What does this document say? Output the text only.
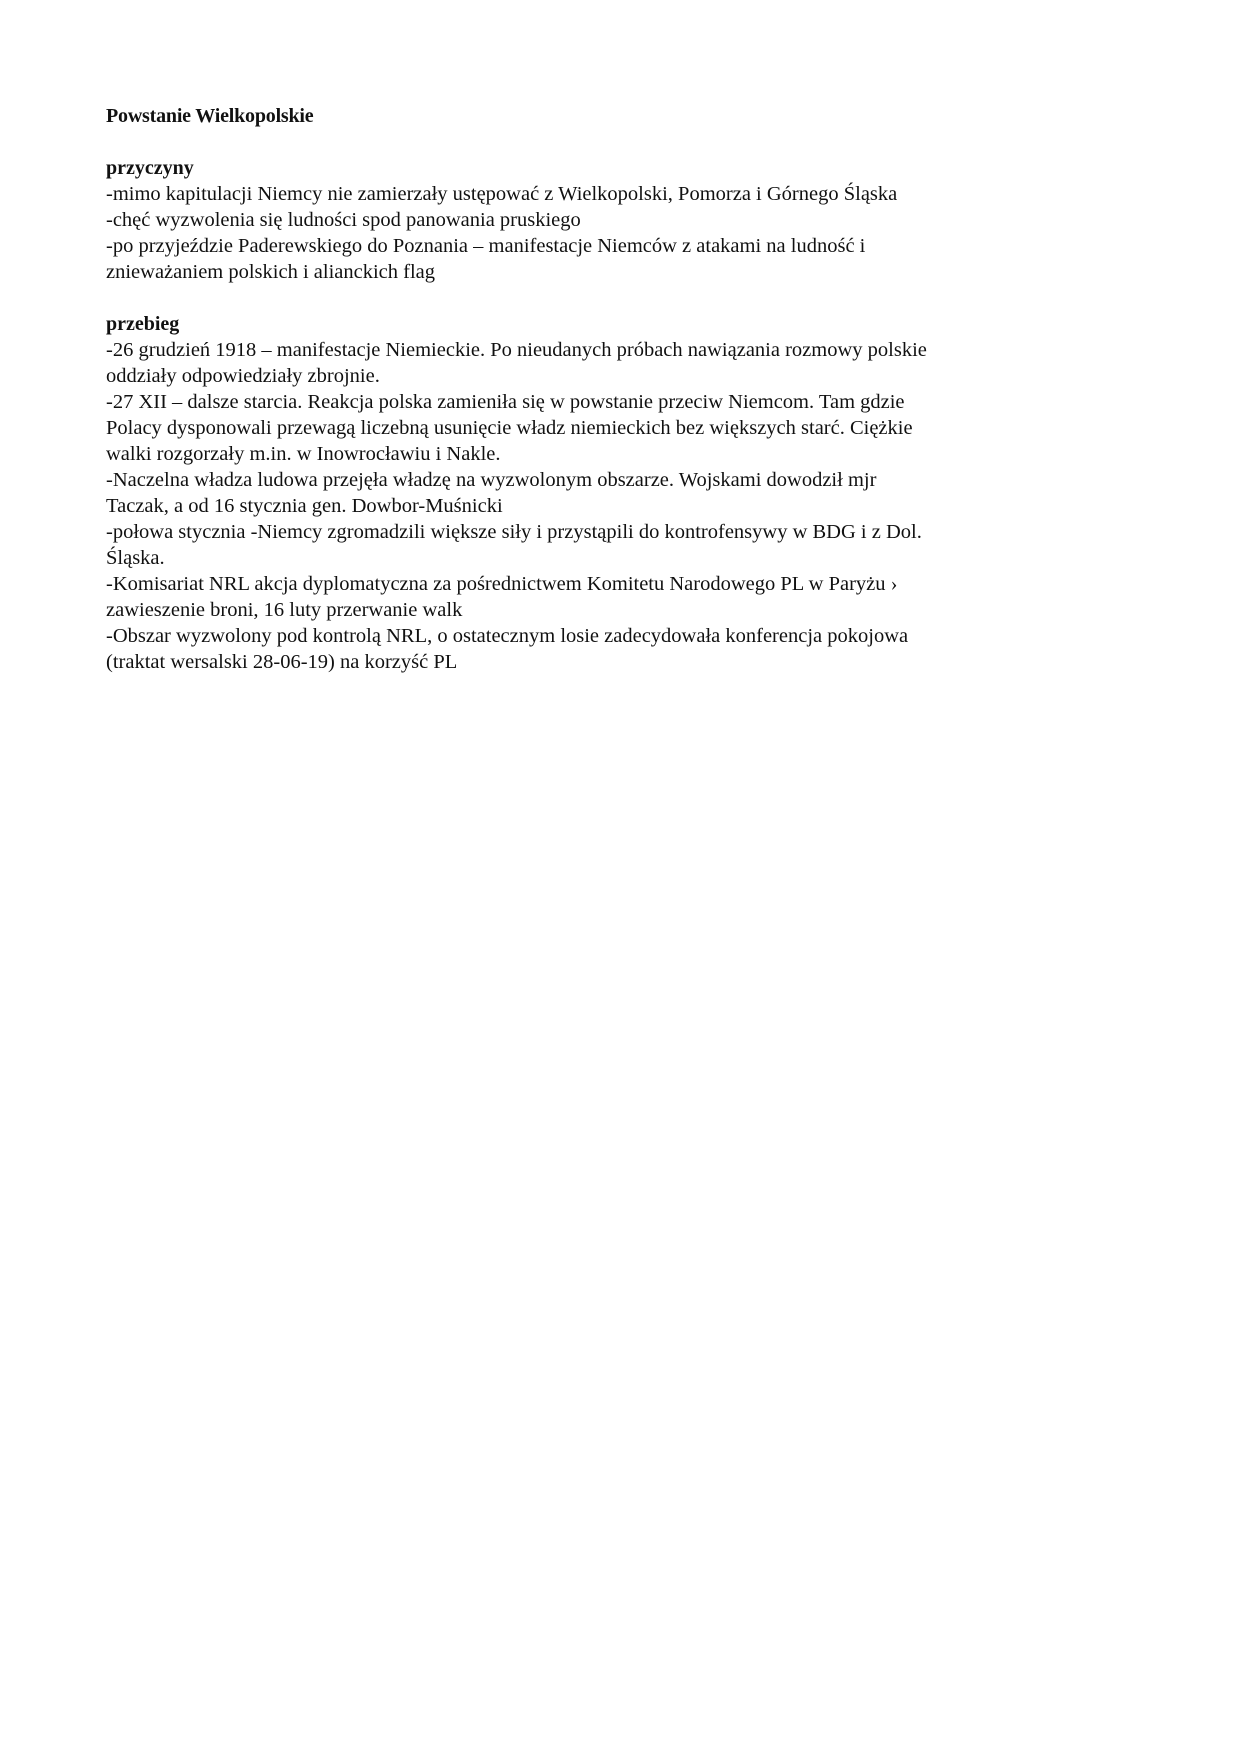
Powstanie Wielkopolskie
przyczyny
-mimo kapitulacji Niemcy nie zamierzały ustępować z Wielkopolski, Pomorza i Górnego Śląska
-chęć wyzwolenia się ludności spod panowania pruskiego
-po przyjeździe Paderewskiego do Poznania – manifestacje Niemców z atakami na ludność i
znieważaniem polskich i alianckich flag
przebieg
-26 grudzień 1918 – manifestacje Niemieckie. Po nieudanych próbach nawiązania rozmowy polskie
oddziały odpowiedziały zbrojnie.
-27 XII – dalsze starcia. Reakcja polska zamieniła się w powstanie przeciw Niemcom. Tam gdzie
Polacy dysponowali przewagą liczebną usunięcie władz niemieckich bez większych starć. Ciężkie
walki rozgorzały m.in. w Inowrocławiu i Nakle.
-Naczelna władza ludowa przejęła władzę na wyzwolonym obszarze. Wojskami dowodził mjr
Taczak, a od 16 stycznia gen. Dowbor-Muśnicki
-połowa stycznia -Niemcy zgromadzili większe siły i przystąpili do kontrofensywy w BDG i z Dol.
Śląska.
-Komisariat NRL akcja dyplomatyczna za pośrednictwem Komitetu Narodowego PL w Paryżu ›
zawieszenie broni, 16 luty przerwanie walk
-Obszar wyzwolony pod kontrolą NRL, o ostatecznym losie zadecydowała konferencja pokojowa
(traktat wersalski 28-06-19) na korzyść PL
